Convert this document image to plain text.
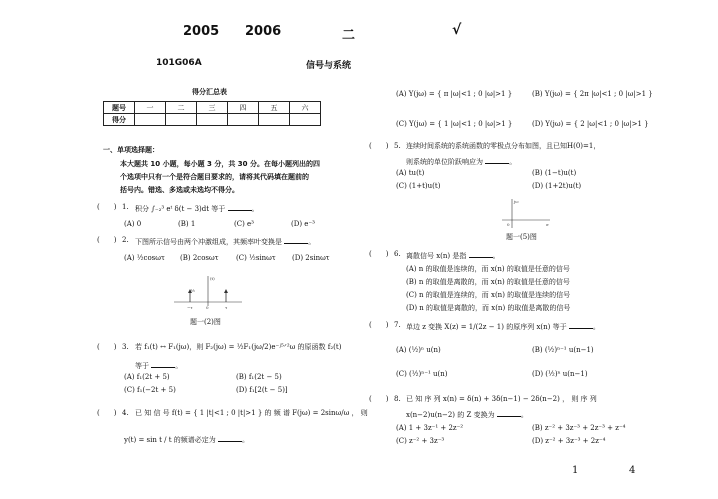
2005 2006	二	√
101G06A	信号与系统
得分汇总表
题号	一	二	三	四	五	六
得分						
一、单项选择题：
本大题共 10 小题，每小题 3 分，共 30 分。在每小题列出的四
个选项中只有一个是符合题目要求的，请将其代码填在题前的
括号内。错选、多选或未选均不得分。
( ) 1. 积分 ∫₋₂³ eᵗ δ(t − 3)dt 等于	。
(A) 0	(B) 1	(C) e³	(D) e⁻³
( ) 2. 下图所示信号由两个冲激组成，其频率叶变换是	。
(A) ½cosωτ (B) 2cosωτ (C) ½sinωτ (D) 2sinωτ
(t)
−τ	0	τ
½
题一(2)图
( ) 3. 若 f₁(t) ↔ F₁(jω)，则 F₂(jω) = ½F₁(jω/2)e⁻ʲ⁵ᐟ²ω 的原函数 f₂(t)
等于	。
(A) f₁(2t + 5)	(B) f₁(2t − 5)
(C) f₁(−2t + 5)	(D) f₁[2(t − 5)]
( ) 4. 已 知 信 号 f(t) = { 1 |t|<1 ; 0 |t|>1 } 的 频 谱 F(jω) = 2sinω/ω ， 则
y(t) = sin t / t 的频谱必定为	。
(A) Y(jω) = { π |ω|<1 ; 0 |ω|>1 }	(B) Y(jω) = { 2π |ω|<1 ; 0 |ω|>1 }
(C) Y(jω) = { 1 |ω|<1 ; 0 |ω|>1 }	(D) Y(jω) = { 2 |ω|<1 ; 0 |ω|>1 }
( ) 5. 连续时间系统的系统函数的零极点分布如图，且已知H(0)=1，
则系统的单位阶跃响应为	。
(A) tu(t)	(B) (1−t)u(t)
(C) (1+t)u(t)	(D) (1+2t)u(t)
jω
0	σ
题一(5)图
( ) 6. 离散信号 x(n) 是指	。
(A) n 的取值是连续的，而 x(n) 的取值是任意的信号
(B) n 的取值是离散的，而 x(n) 的取值是任意的信号
(C) n 的取值是连续的，而 x(n) 的取值是连续的信号
(D) n 的取值是离散的，而 x(n) 的取值是离散的信号
( ) 7. 单边 z 变换 X(z) = 1/(2z − 1) 的原序列 x(n) 等于	。
(A) (½)ⁿ u(n)	(B) (½)ⁿ⁻¹ u(n−1)
(C) (½)ⁿ⁻¹ u(n)	(D) (½)ⁿ u(n−1)
( ) 8. 已 知 序 列 x(n) = δ(n) + 3δ(n−1) − 2δ(n−2) ， 则 序 列
x(n−2)u(n−2) 的 Z 变换为	。
(A) 1 + 3z⁻¹ + 2z⁻²	(B) z⁻² + 3z⁻³ + 2z⁻³ + z⁻⁴
(C) z⁻² + 3z⁻³	(D) z⁻² + 3z⁻³ + 2z⁻⁴
1	4
